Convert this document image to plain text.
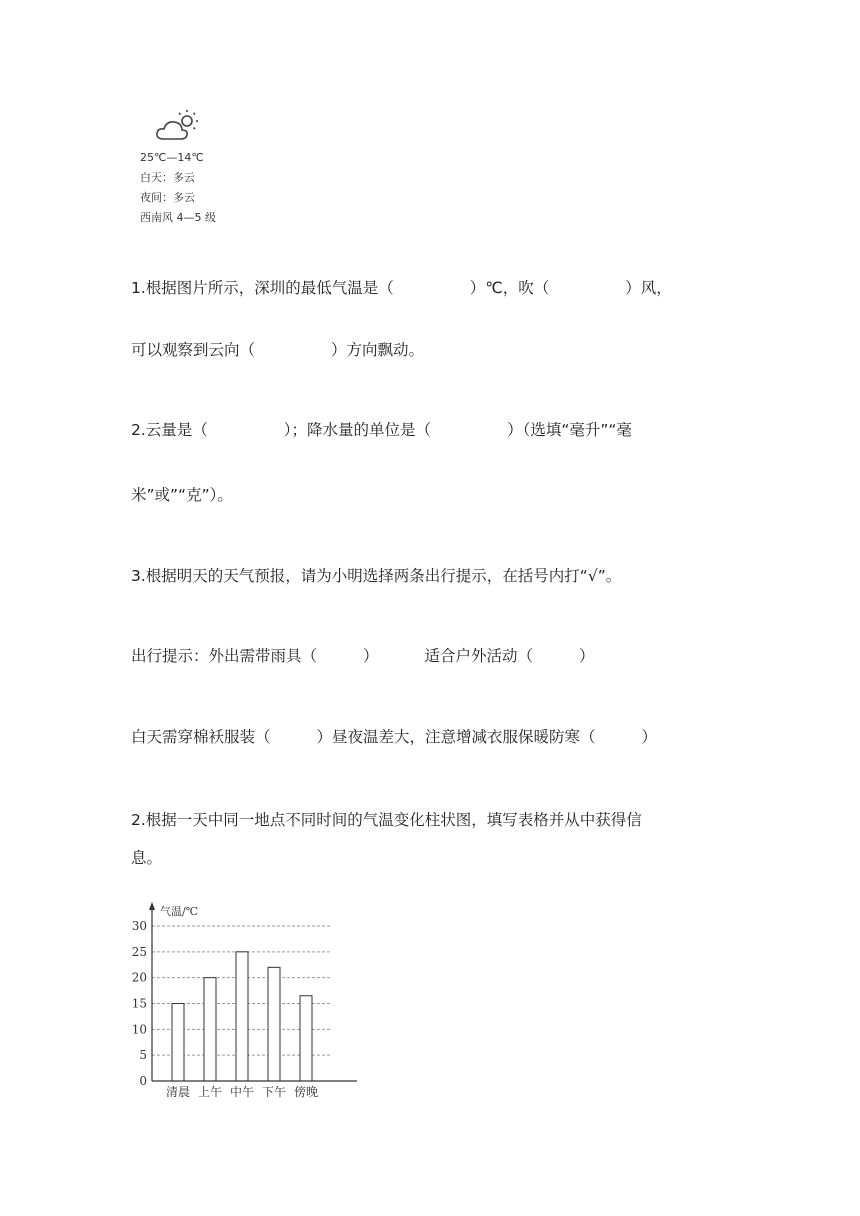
25℃—14℃
白天：多云
夜间：多云
西南风 4—5 级
1.根据图片所示，深圳的最低气温是（	）℃，吹（	）风，
可以观察到云向（	）方向飘动。
2.云量是（	）；降水量的单位是（	）（选填“毫升”“毫
米”或”“克”）。
3.根据明天的天气预报，请为小明选择两条出行提示，在括号内打“√”。
出行提示：外出需带雨具（	）	适合户外活动（	）
白天需穿棉袄服装（	）昼夜温差大，注意增减衣服保暖防寒（	）
2.根据一天中同一地点不同时间的气温变化柱状图，填写表格并从中获得信
息。
0
5
10
15
20
25
30
气温/℃
清晨 上午 中午 下午 傍晚
